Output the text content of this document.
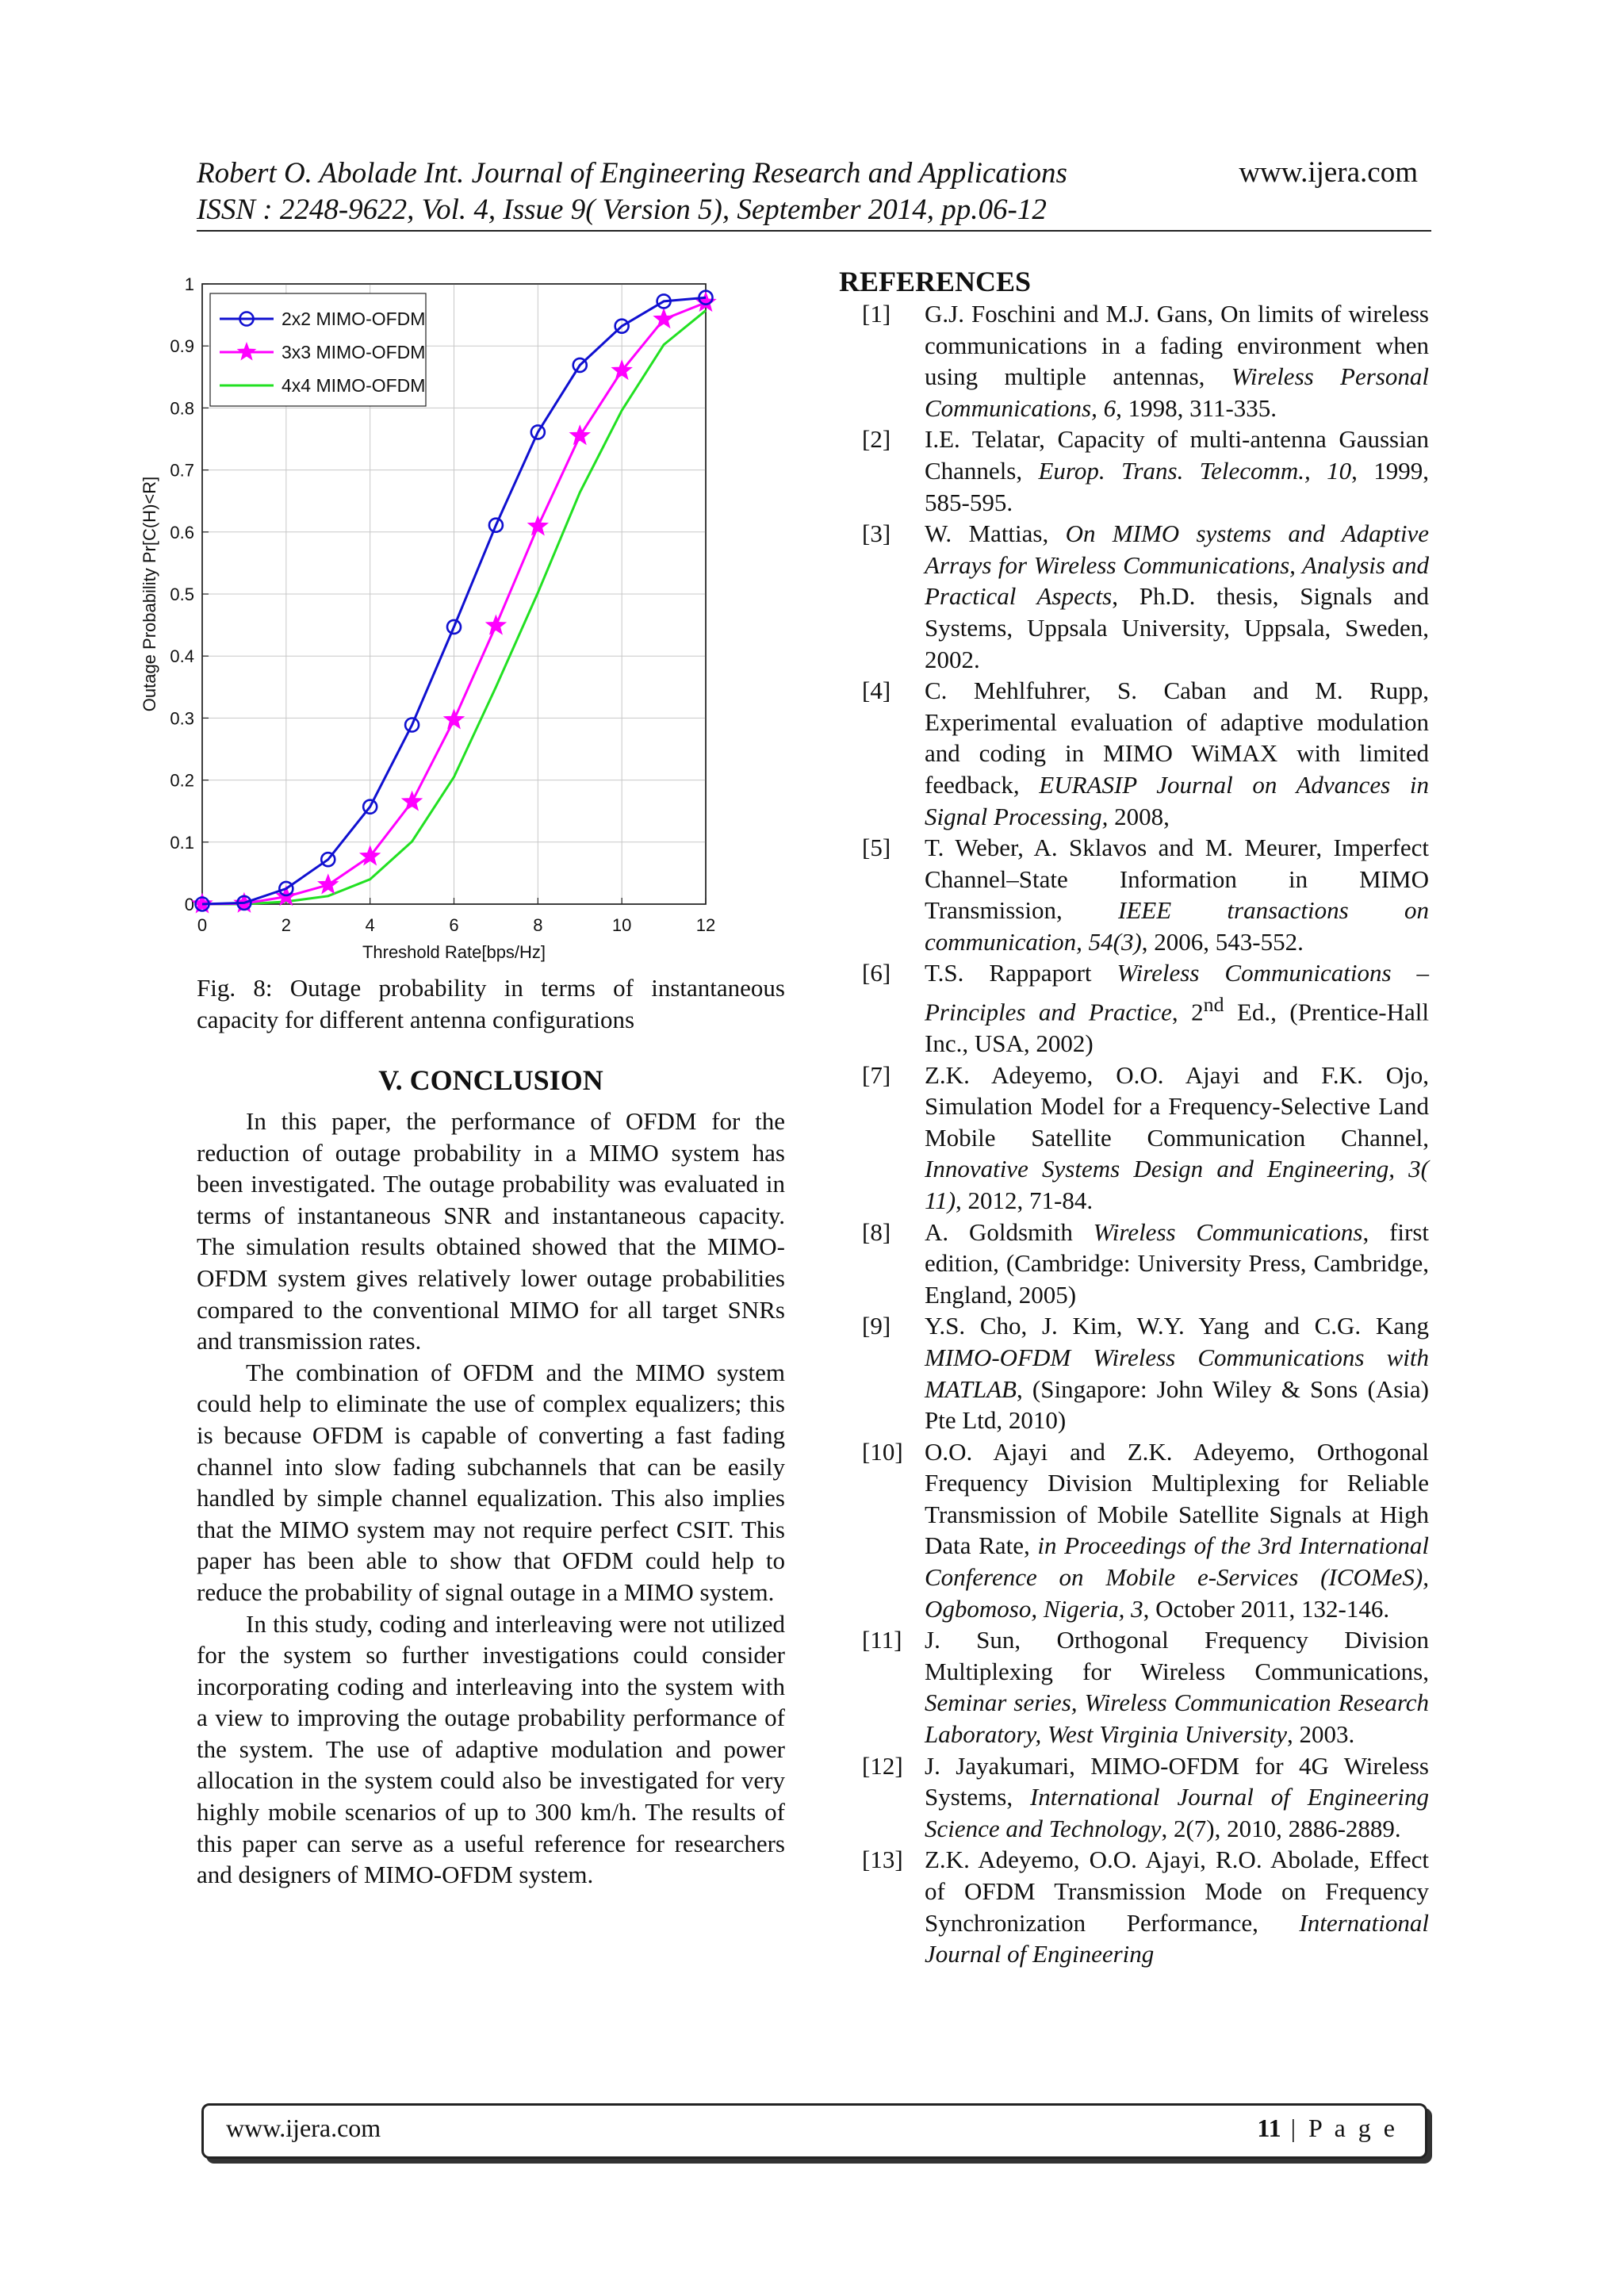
Robert O. Abolade Int. Journal of Engineering Research and Applications
ISSN : 2248-9622, Vol. 4, Issue 9( Version 5), September 2014, pp.06-12
www.ijera.com
0	2	4	6	8	10	12
0
0.1
0.2
0.3
0.4
0.5
0.6
0.7
0.8
0.9
1
Threshold Rate[bps/Hz]
Outage Probability Pr[C(H)<R]
2x2 MIMO-OFDM
3x3 MIMO-OFDM
4x4 MIMO-OFDM
Fig. 8: Outage probability in terms of instantaneous capacity for different antenna configurations
V. CONCLUSION

In this paper, the performance of OFDM for the reduction of outage probability in a MIMO system has been investigated. The outage probability was evaluated in terms of instantaneous SNR and instantaneous capacity. The simulation results obtained showed that the MIMO-OFDM system gives relatively lower outage probabilities compared to the conventional MIMO for all target SNRs and transmission rates.

The combination of OFDM and the MIMO system could help to eliminate the use of complex equalizers; this is because OFDM is capable of converting a fast fading channel into slow fading subchannels that can be easily handled by simple channel equalization. This also implies that the MIMO system may not require perfect CSIT. This paper has been able to show that OFDM could help to reduce the probability of signal outage in a MIMO system.

In this study, coding and interleaving were not utilized for the system so further investigations could consider incorporating coding and interleaving into the system with a view to improving the outage probability performance of the system. The use of adaptive modulation and power allocation in the system could also be investigated for very highly mobile scenarios of up to 300 km/h. The results of this paper can serve as a useful reference for researchers and designers of MIMO-OFDM system.

REFERENCES
[1]	G.J. Foschini and M.J. Gans, On limits of wireless communications in a fading environment when using multiple antennas, Wireless Personal Communications, 6, 1998, 311-335.
[2]	I.E. Telatar, Capacity of multi-antenna Gaussian Channels, Europ. Trans. Telecomm., 10, 1999, 585-595.
[3]	W. Mattias, On MIMO systems and Adaptive Arrays for Wireless Communications, Analysis and Practical Aspects, Ph.D. thesis, Signals and Systems, Uppsala University, Uppsala, Sweden, 2002.
[4]	C. Mehlfuhrer, S. Caban and M. Rupp, Experimental evaluation of adaptive modulation and coding in MIMO WiMAX with limited feedback, EURASIP Journal on Advances in Signal Processing, 2008,
[5]	T. Weber, A. Sklavos and M. Meurer, Imperfect Channel–State Information in MIMO Transmission, IEEE transactions on communication, 54(3), 2006, 543-552.
[6]	T.S. Rappaport Wireless Communications – Principles and Practice, 2nd Ed., (Prentice-Hall Inc., USA, 2002)
[7]	Z.K. Adeyemo, O.O. Ajayi and F.K. Ojo, Simulation Model for a Frequency-Selective Land Mobile Satellite Communication Channel, Innovative Systems Design and Engineering, 3( 11), 2012, 71-84.
[8]	A. Goldsmith Wireless Communications, first edition, (Cambridge: University Press, Cambridge, England, 2005)
[9]	Y.S. Cho, J. Kim, W.Y. Yang and C.G. Kang MIMO-OFDM Wireless Communications with MATLAB, (Singapore: John Wiley & Sons (Asia) Pte Ltd, 2010)
[10] O.O. Ajayi and Z.K. Adeyemo, Orthogonal Frequency Division Multiplexing for Reliable Transmission of Mobile Satellite Signals at High Data Rate, in Proceedings of the 3rd International Conference on Mobile e-Services (ICOMeS), Ogbomoso, Nigeria, 3, October 2011, 132-146.
[11] J. Sun, Orthogonal Frequency Division Multiplexing for Wireless Communications, Seminar series, Wireless Communication Research Laboratory, West Virginia University, 2003.
[12] J. Jayakumari, MIMO-OFDM for 4G Wireless Systems, International Journal of Engineering Science and Technology, 2(7), 2010, 2886-2889.
[13] Z.K. Adeyemo, O.O. Ajayi, R.O. Abolade, Effect of OFDM Transmission Mode on Frequency Synchronization Performance, International Journal of Engineering
www.ijera.com	11 | P a g e
